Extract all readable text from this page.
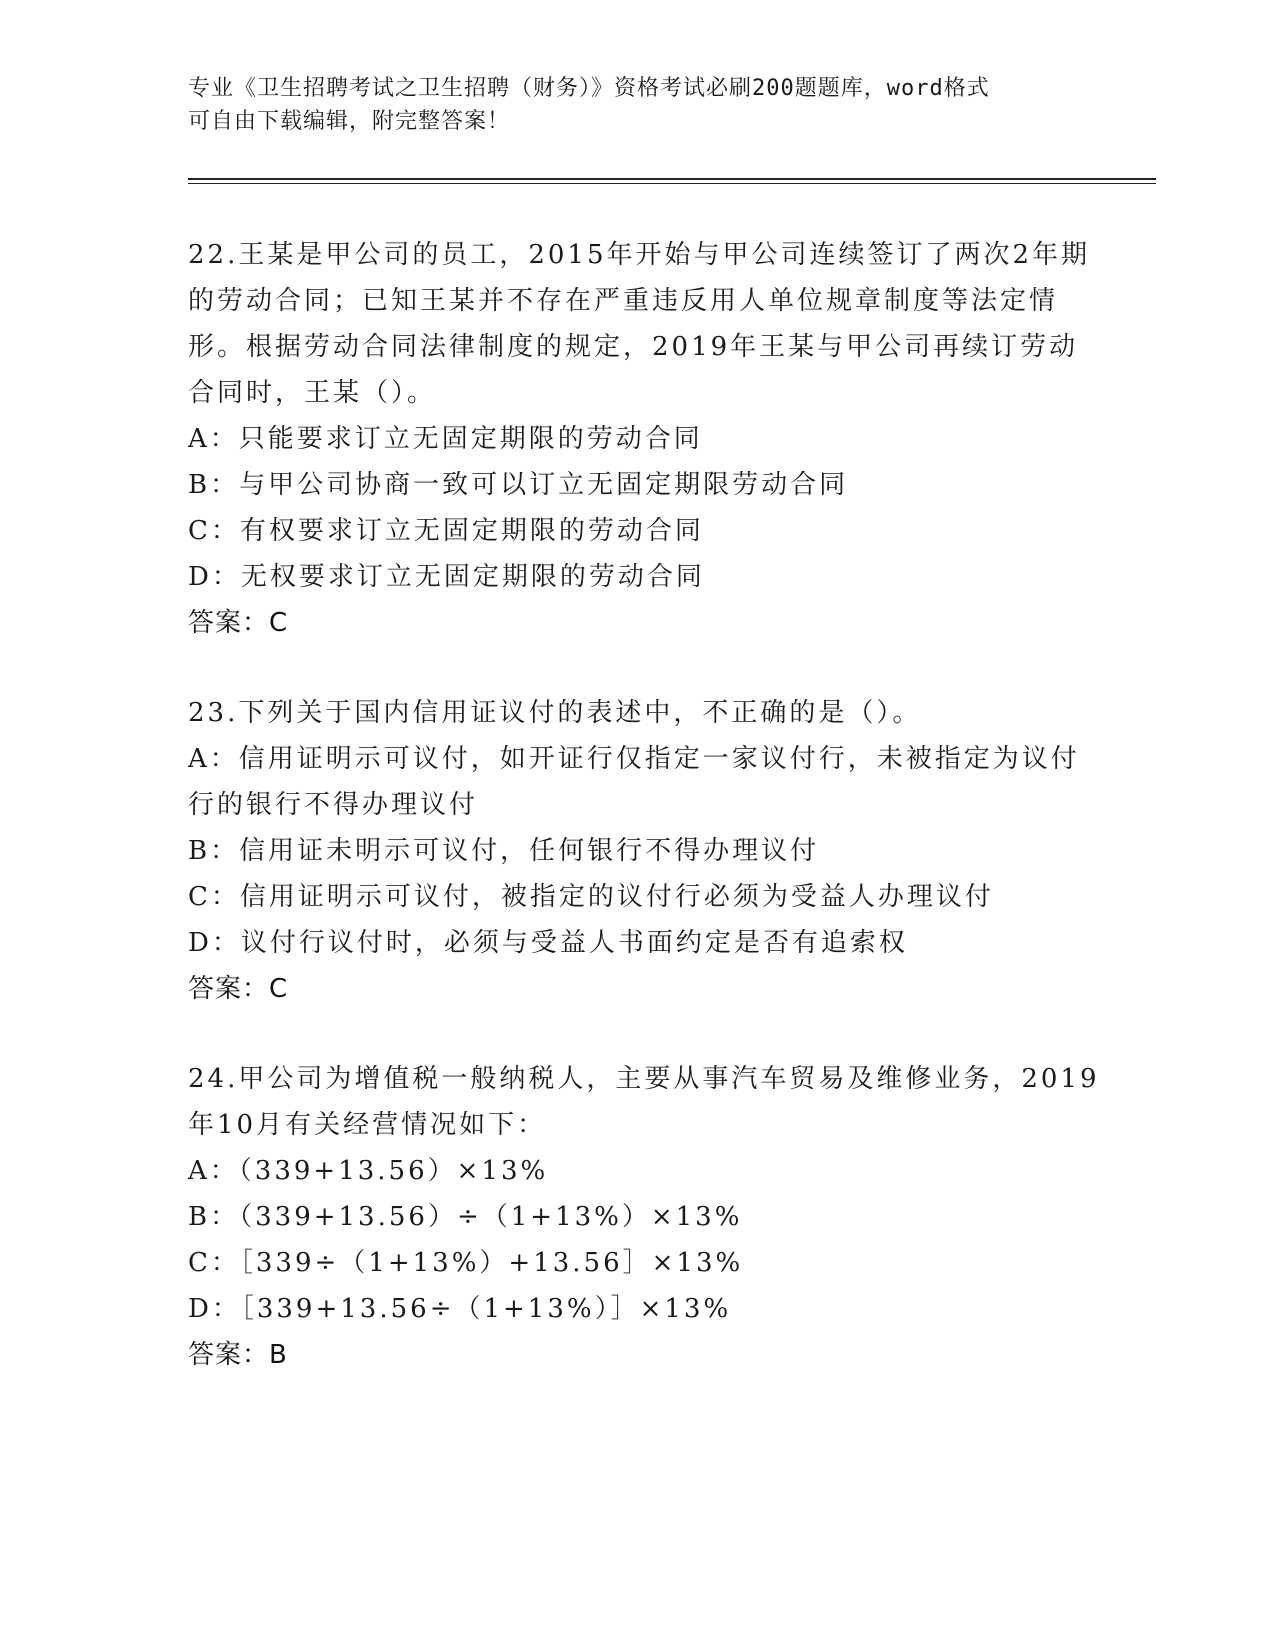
专业《卫生招聘考试之卫生招聘（财务）》资格考试必刷200题题库，word格式
可自由下载编辑，附完整答案！
22.王某是甲公司的员工，2015年开始与甲公司连续签订了两次2年期
的劳动合同；已知王某并不存在严重违反用人单位规章制度等法定情
形。根据劳动合同法律制度的规定，2019年王某与甲公司再续订劳动
合同时，王某（）。
A：只能要求订立无固定期限的劳动合同
B：与甲公司协商一致可以订立无固定期限劳动合同
C：有权要求订立无固定期限的劳动合同
D：无权要求订立无固定期限的劳动合同
答案：C
23.下列关于国内信用证议付的表述中，不正确的是（）。
A：信用证明示可议付，如开证行仅指定一家议付行，未被指定为议付
行的银行不得办理议付
B：信用证未明示可议付，任何银行不得办理议付
C：信用证明示可议付，被指定的议付行必须为受益人办理议付
D：议付行议付时，必须与受益人书面约定是否有追索权
答案：C
24.甲公司为增值税一般纳税人，主要从事汽车贸易及维修业务，2019
年10月有关经营情况如下：
A：（339+13.56）×13%
B：（339+13.56）÷（1+13%）×13%
C：［339÷（1+13%）+13.56］×13%
D：［339+13.56÷（1+13%）］×13%
答案：B
